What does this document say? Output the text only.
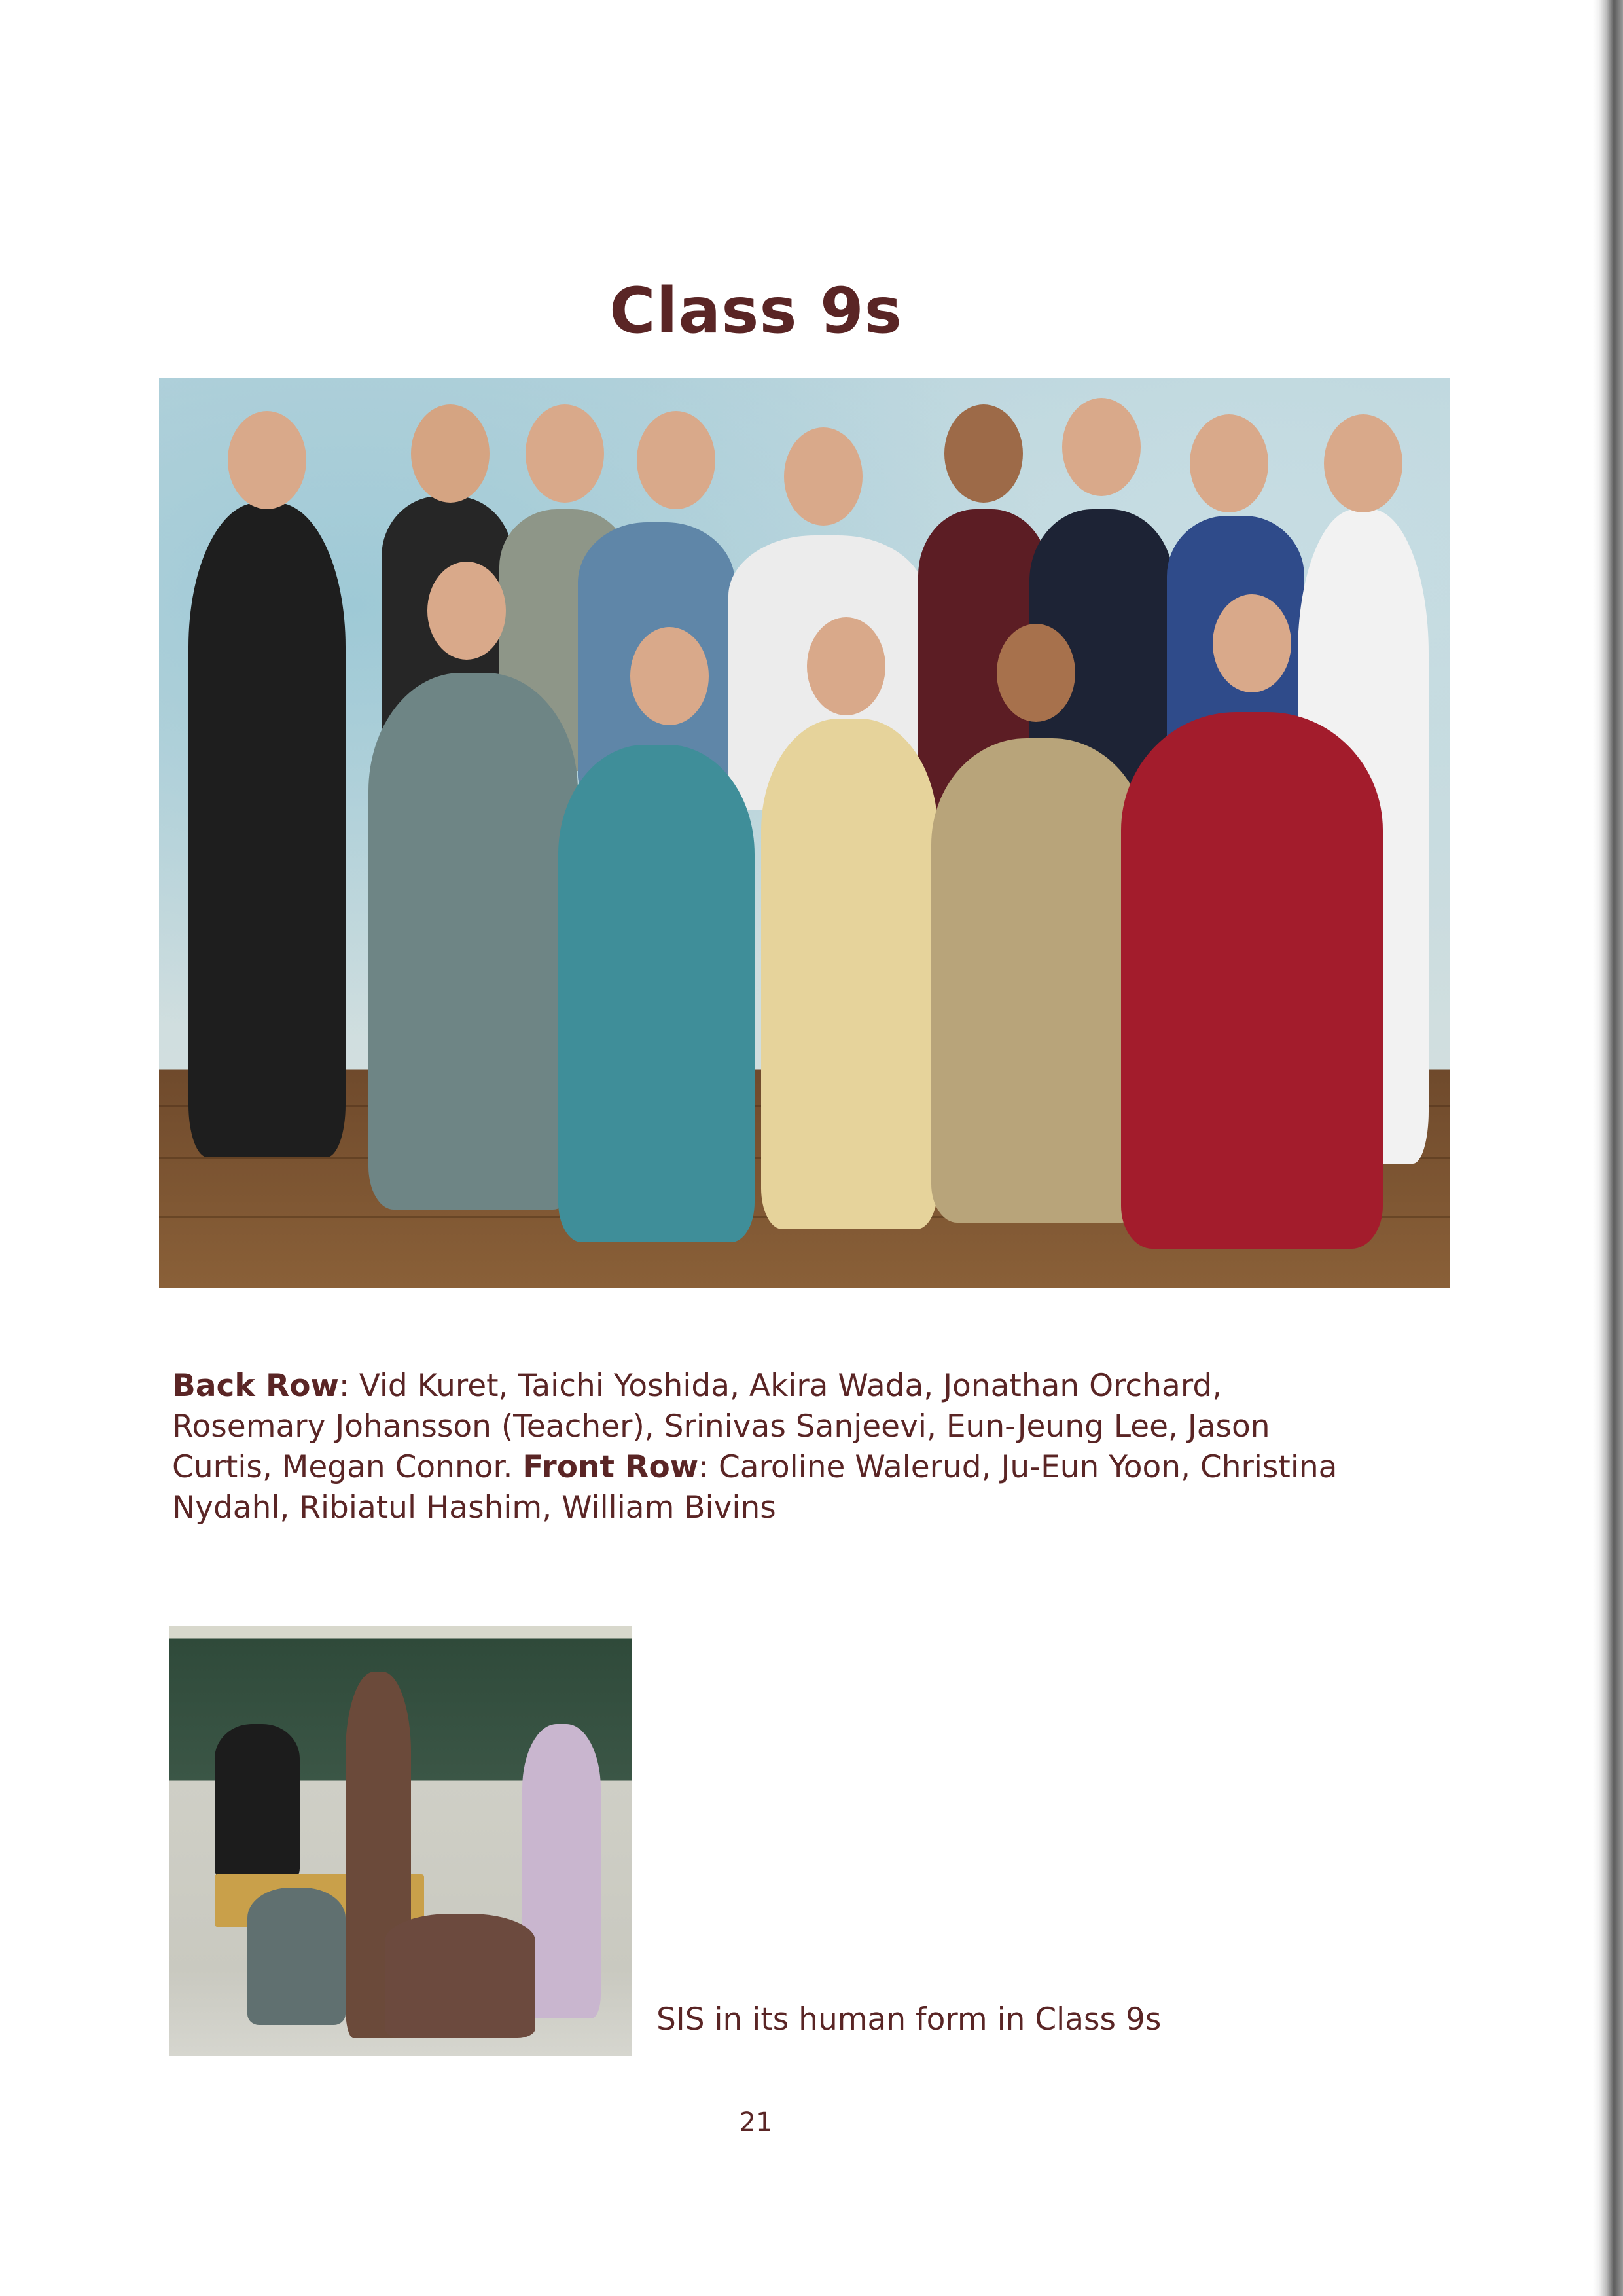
Class 9s

Back Row: Vid Kuret, Taichi Yoshida, Akira Wada, Jonathan Orchard, Rosemary Johansson (Teacher), Srinivas Sanjeevi, Eun-Jeung Lee, Jason Curtis, Megan Connor. Front Row: Caroline Walerud, Ju-Eun Yoon, Christina Nydahl, Ribiatul Hashim, William Bivins

SIS in its human form in Class 9s
21
